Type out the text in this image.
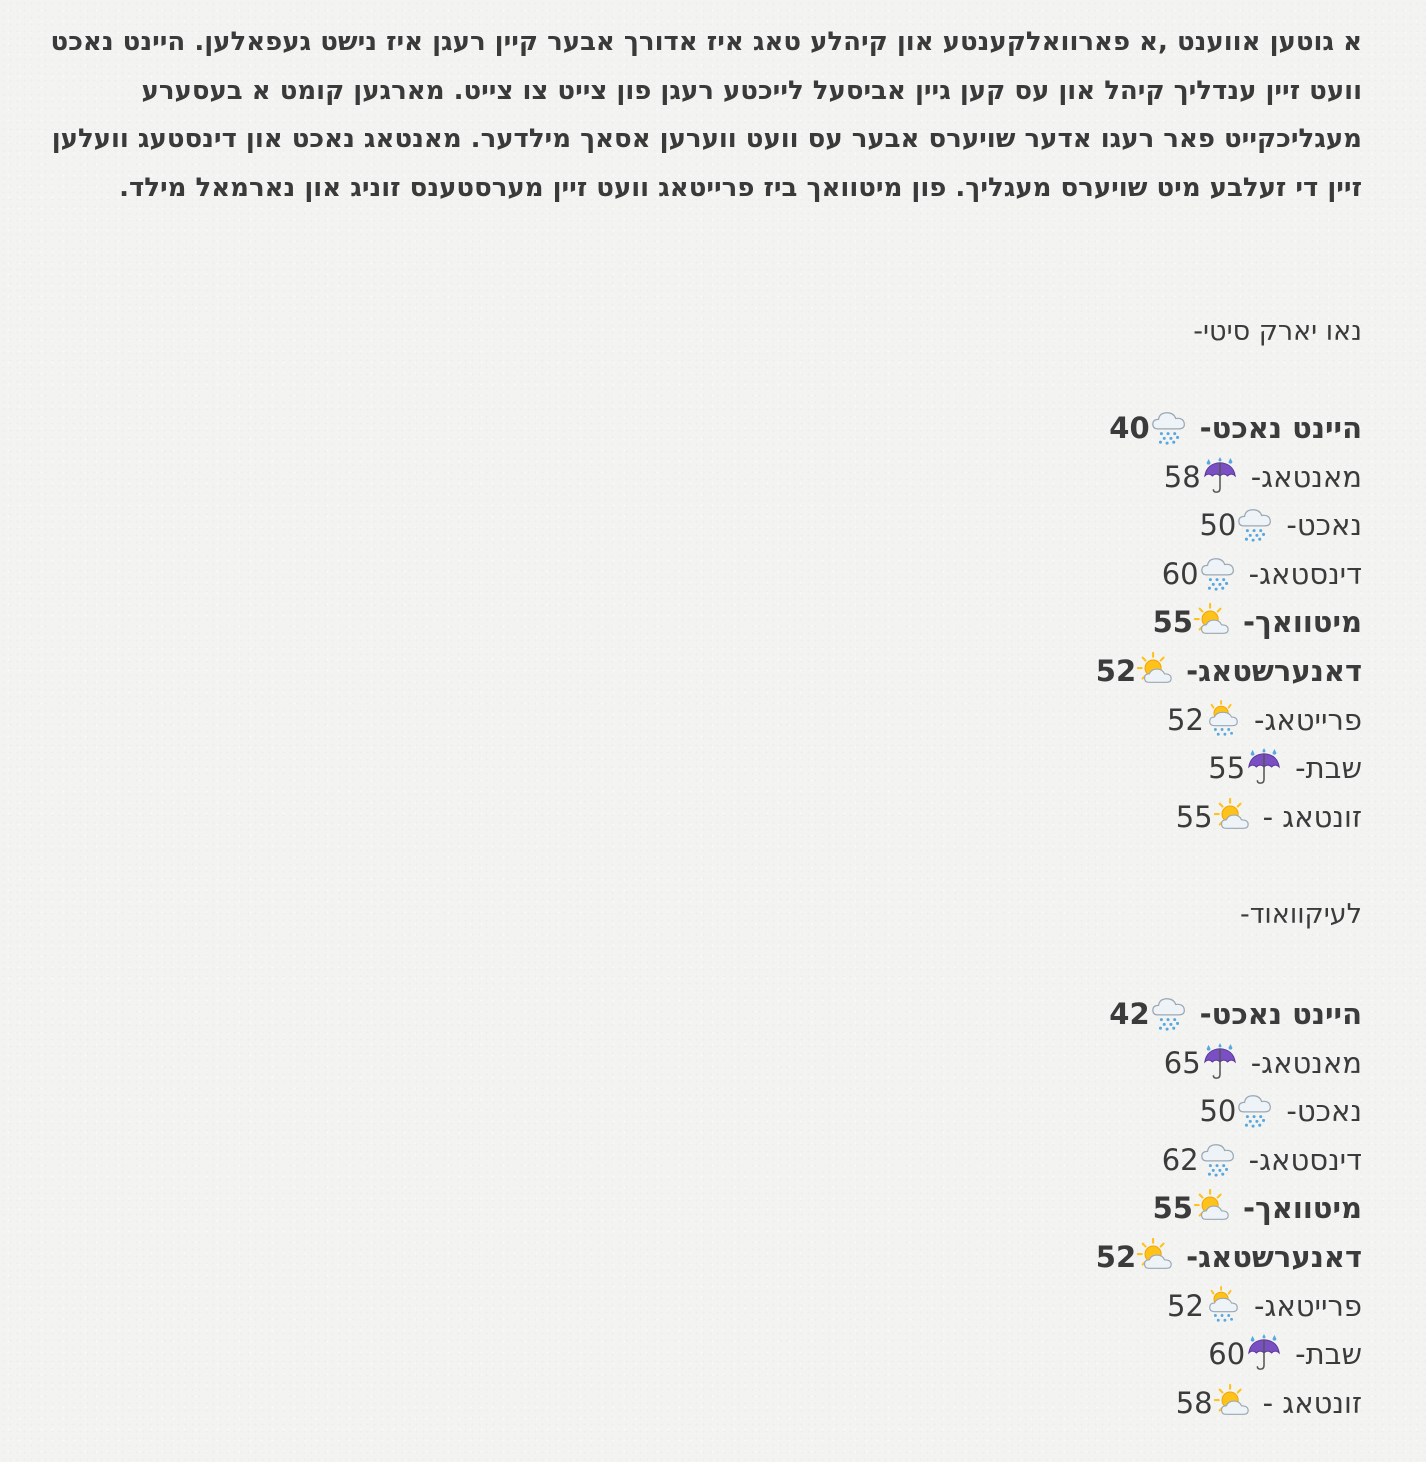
א גוטען אווענט ,א פארוואלקענטע און קיהלע טאג איז אדורך אבער קיין רעגן איז נישט געפאלען. היינט נאכט וועט זיין ענדליך קיהל און עס קען גיין אביסעל לייכטע רעגן פון צייט צו צייט. מארגען קומט א בעסערע מעגליכקייט פאר רעגו אדער שויערס אבער עס וועט ווערען אסאך מילדער. מאנטאג נאכט און דינסטעג וועלען זיין די זעלבע מיט שויערס מעגליך. פון מיטוואך ביז פרייטאג וועט זיין מערסטענס זוניג און נארמאל מילד.

נאו יארק סיטי-
היינט נאכט-40
מאנטאג-58
נאכט-50
דינסטאג-60
מיטוואך-55
דאנערשטאג-52
פרייטאג-52
שבת-55
זונטאג -55
לעיקוואוד-
היינט נאכט-42
מאנטאג-65
נאכט-50
דינסטאג-62
מיטוואך-55
דאנערשטאג-52
פרייטאג-52
שבת-60
זונטאג -58
